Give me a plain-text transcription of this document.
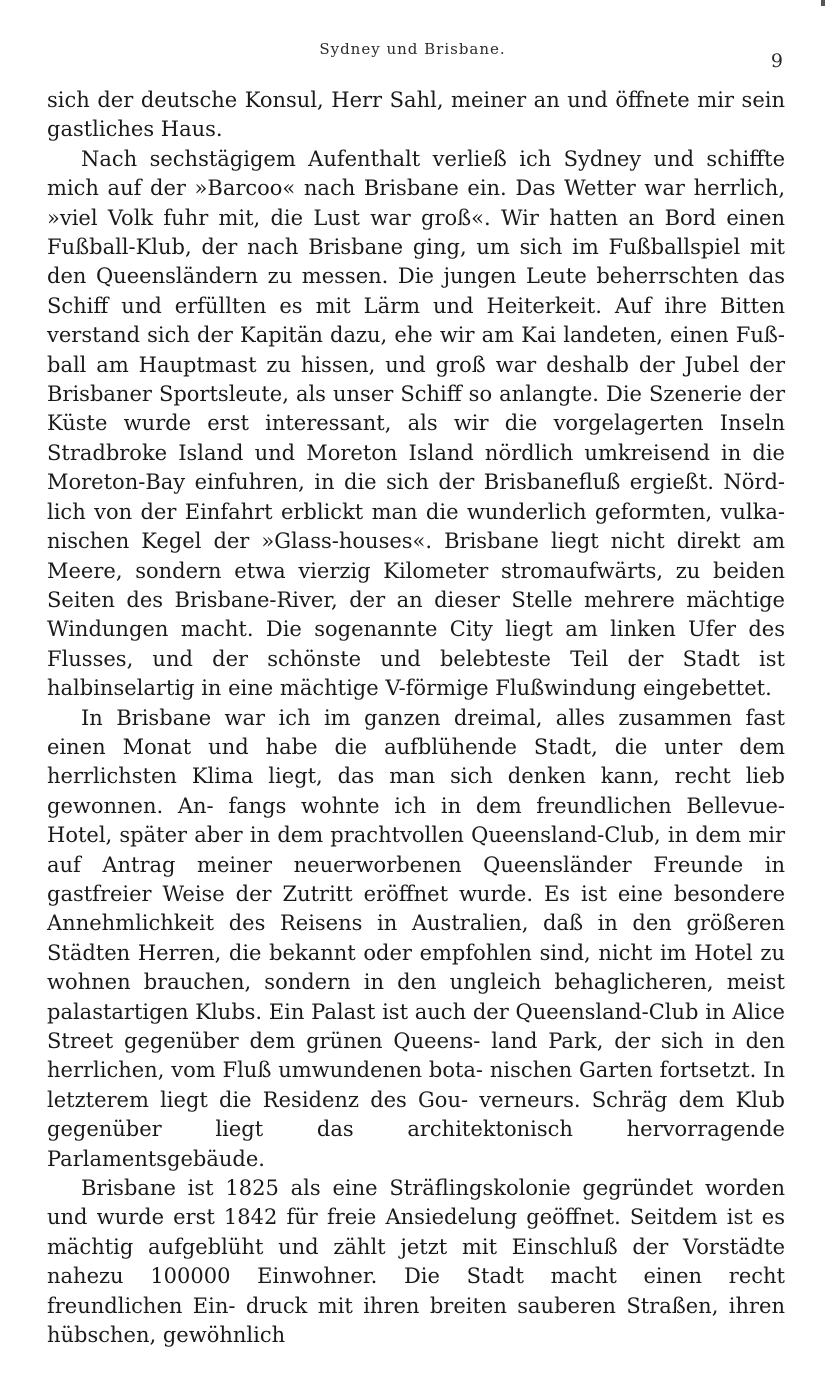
Sydney und Brisbane.
9

sich der deutsche Konsul, Herr Sahl, meiner an und öffnete mir sein gastliches Haus.

Nach sechstägigem Aufenthalt verließ ich Sydney und schiffte mich auf der »Barcoo« nach Brisbane ein. Das Wetter war herrlich, »viel Volk fuhr mit, die Lust war groß«. Wir hatten an Bord einen Fußball-Klub, der nach Brisbane ging, um sich im Fußballspiel mit den Queensländern zu messen. Die jungen Leute beherrschten das Schiff und erfüllten es mit Lärm und Heiterkeit. Auf ihre Bitten verstand sich der Kapitän dazu, ehe wir am Kai landeten, einen Fuß- ball am Hauptmast zu hissen, und groß war deshalb der Jubel der Brisbaner Sportsleute, als unser Schiff so anlangte. Die Szenerie der Küste wurde erst interessant, als wir die vorgelagerten Inseln Stradbroke Island und Moreton Island nördlich umkreisend in die Moreton-Bay einfuhren, in die sich der Brisbanefluß ergießt. Nörd- lich von der Einfahrt erblickt man die wunderlich geformten, vulka- nischen Kegel der »Glass-houses«. Brisbane liegt nicht direkt am Meere, sondern etwa vierzig Kilometer stromaufwärts, zu beiden Seiten des Brisbane-River, der an dieser Stelle mehrere mächtige Windungen macht. Die sogenannte City liegt am linken Ufer des Flusses, und der schönste und belebteste Teil der Stadt ist halbinselartig in eine mächtige V-förmige Flußwindung eingebettet.

In Brisbane war ich im ganzen dreimal, alles zusammen fast einen Monat und habe die aufblühende Stadt, die unter dem herrlichsten Klima liegt, das man sich denken kann, recht lieb gewonnen. An- fangs wohnte ich in dem freundlichen Bellevue-Hotel, später aber in dem prachtvollen Queensland-Club, in dem mir auf Antrag meiner neuerworbenen Queensländer Freunde in gastfreier Weise der Zutritt eröffnet wurde. Es ist eine besondere Annehmlichkeit des Reisens in Australien, daß in den größeren Städten Herren, die bekannt oder empfohlen sind, nicht im Hotel zu wohnen brauchen, sondern in den ungleich behaglicheren, meist palastartigen Klubs. Ein Palast ist auch der Queensland-Club in Alice Street gegenüber dem grünen Queens- land Park, der sich in den herrlichen, vom Fluß umwundenen bota- nischen Garten fortsetzt. In letzterem liegt die Residenz des Gou- verneurs. Schräg dem Klub gegenüber liegt das architektonisch	hervorragende Parlamentsgebäude.

Brisbane ist 1825 als eine Sträflingskolonie gegründet worden und wurde erst 1842 für freie Ansiedelung geöffnet. Seitdem ist es mächtig aufgeblüht und zählt jetzt mit Einschluß der Vorstädte nahezu 100000 Einwohner. Die Stadt macht einen recht freundlichen Ein- druck mit ihren breiten sauberen Straßen, ihren hübschen, gewöhnlich
